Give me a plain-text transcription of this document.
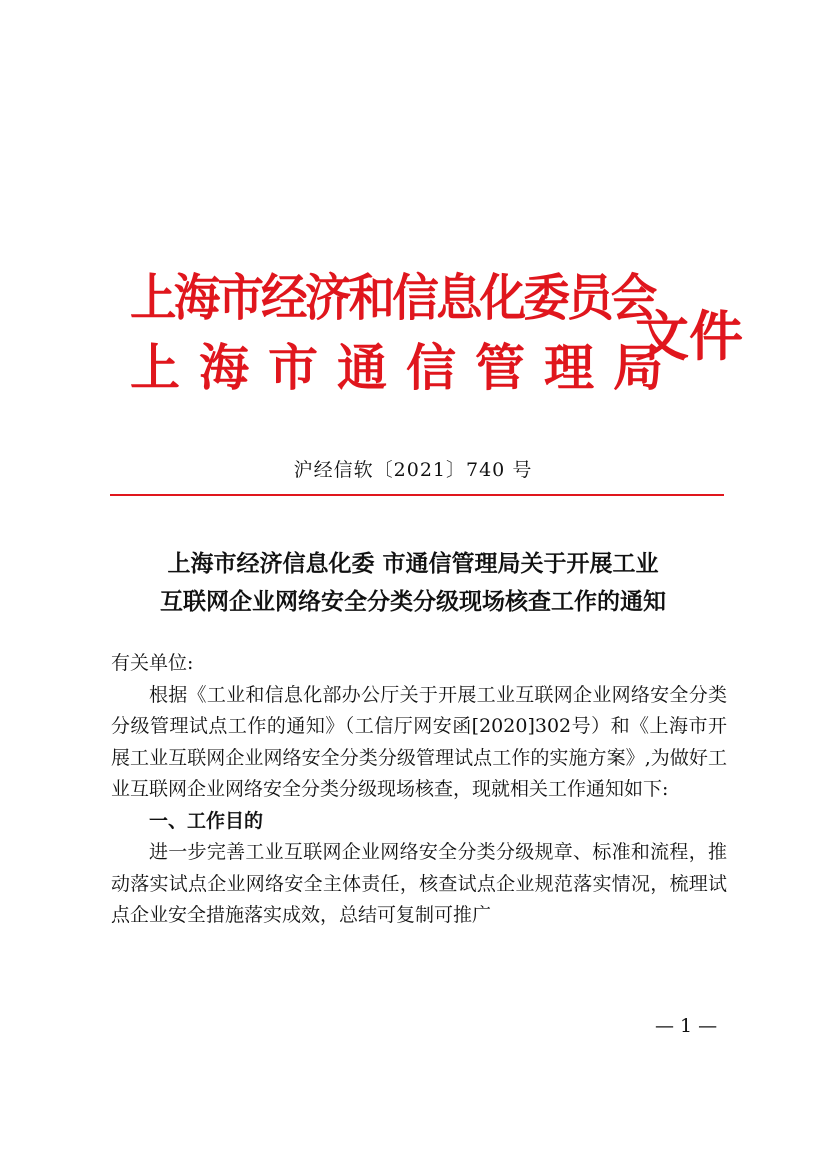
上海市经济和信息化委员会
上海市通信管理局
文件
沪经信软〔2021〕740 号
上海市经济信息化委 市通信管理局关于开展工业
互联网企业网络安全分类分级现场核查工作的通知

有关单位:

根据《工业和信息化部办公厅关于开展工业互联网企业网络安全分类分级管理试点工作的通知》（工信厅网安函[2020]302号）和《上海市开展工业互联网企业网络安全分类分级管理试点工作的实施方案》,为做好工业互联网企业网络安全分类分级现场核查，现就相关工作通知如下:

一、工作目的

进一步完善工业互联网企业网络安全分类分级规章、标准和流程，推动落实试点企业网络安全主体责任，核查试点企业规范落实情况，梳理试点企业安全措施落实成效，总结可复制可推广

— 1 —
